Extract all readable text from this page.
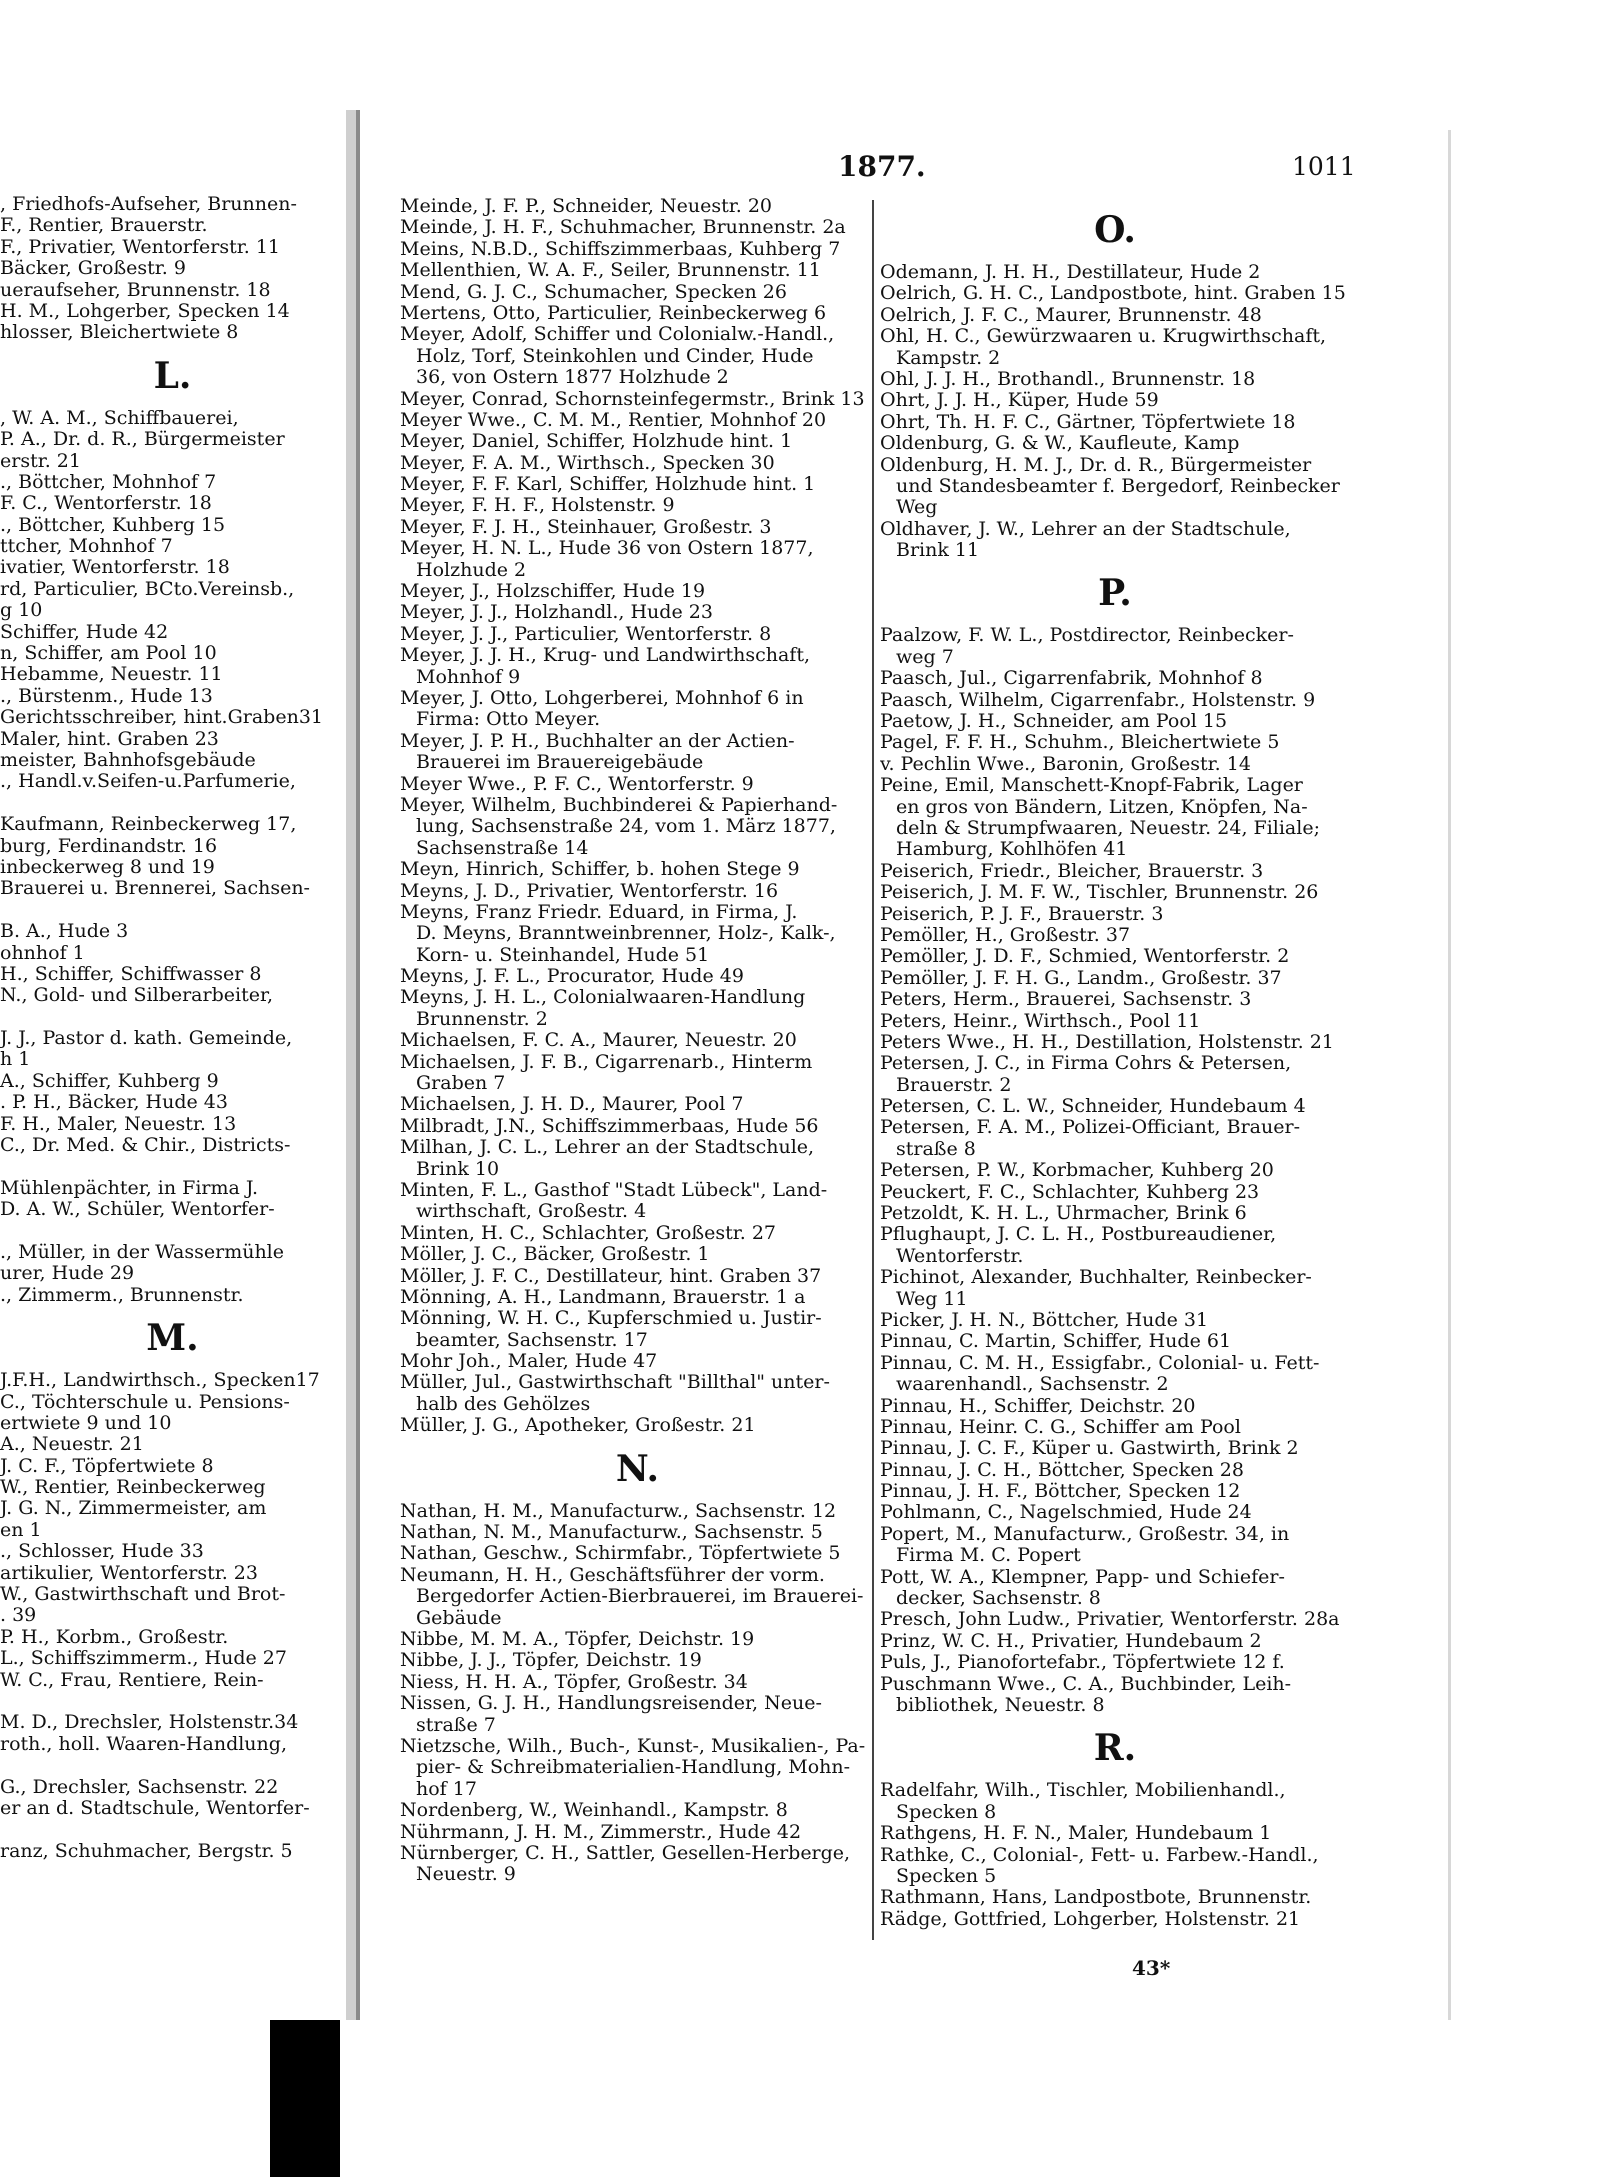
1877.	1011
, Friedhofs-Aufseher, Brunnen-
F., Rentier, Brauerstr.
F., Privatier, Wentorferstr. 11
Bäcker, Großestr. 9
ueraufseher, Brunnenstr. 18
H. M., Lohgerber, Specken 14
hlosser, Bleichertwiete 8
L.
, W. A. M., Schiffbauerei,
P. A., Dr. d. R., Bürgermeister
erstr. 21
., Böttcher, Mohnhof 7
F. C., Wentorferstr. 18
., Böttcher, Kuhberg 15
ttcher, Mohnhof 7
ivatier, Wentorferstr. 18
rd, Particulier, BCto.Vereinsb.,
g 10
Schiffer, Hude 42
n, Schiffer, am Pool 10
Hebamme, Neuestr. 11
., Bürstenm., Hude 13
Gerichtsschreiber, hint.Graben31
Maler, hint. Graben 23
meister, Bahnhofsgebäude
., Handl.v.Seifen-u.Parfumerie,
Kaufmann, Reinbeckerweg 17,
burg, Ferdinandstr. 16
inbeckerweg 8 und 19
Brauerei u. Brennerei, Sachsen-
B. A., Hude 3
ohnhof 1
H., Schiffer, Schiffwasser 8
N., Gold- und Silberarbeiter,
J. J., Pastor d. kath. Gemeinde,
h 1
A., Schiffer, Kuhberg 9
. P. H., Bäcker, Hude 43
F. H., Maler, Neuestr. 13
C., Dr. Med. & Chir., Districts-
Mühlenpächter, in Firma J.
D. A. W., Schüler, Wentorfer-
., Müller, in der Wassermühle
urer, Hude 29
., Zimmerm., Brunnenstr.
M.
J.F.H., Landwirthsch., Specken17
C., Töchterschule u. Pensions-
ertwiete 9 und 10
A., Neuestr. 21
J. C. F., Töpfertwiete 8
W., Rentier, Reinbeckerweg
J. G. N., Zimmermeister, am
en 1
., Schlosser, Hude 33
artikulier, Wentorferstr. 23
W., Gastwirthschaft und Brot-
. 39
P. H., Korbm., Großestr.
L., Schiffszimmerm., Hude 27
W. C., Frau, Rentiere, Rein-
M. D., Drechsler, Holstenstr.34
roth., holl. Waaren-Handlung,
G., Drechsler, Sachsenstr. 22
er an d. Stadtschule, Wentorfer-
ranz, Schuhmacher, Bergstr. 5
Meinde, J. F. P., Schneider, Neuestr. 20
Meinde, J. H. F., Schuhmacher, Brunnenstr. 2a
Meins, N.B.D., Schiffszimmerbaas, Kuhberg 7
Mellenthien, W. A. F., Seiler, Brunnenstr. 11
Mend, G. J. C., Schumacher, Specken 26
Mertens, Otto, Particulier, Reinbeckerweg 6
Meyer, Adolf, Schiffer und Colonialw.-Handl.,
Holz, Torf, Steinkohlen und Cinder, Hude
36, von Ostern 1877 Holzhude 2
Meyer, Conrad, Schornsteinfegermstr., Brink 13
Meyer Wwe., C. M. M., Rentier, Mohnhof 20
Meyer, Daniel, Schiffer, Holzhude hint. 1
Meyer, F. A. M., Wirthsch., Specken 30
Meyer, F. F. Karl, Schiffer, Holzhude hint. 1
Meyer, F. H. F., Holstenstr. 9
Meyer, F. J. H., Steinhauer, Großestr. 3
Meyer, H. N. L., Hude 36 von Ostern 1877,
Holzhude 2
Meyer, J., Holzschiffer, Hude 19
Meyer, J. J., Holzhandl., Hude 23
Meyer, J. J., Particulier, Wentorferstr. 8
Meyer, J. J. H., Krug- und Landwirthschaft,
Mohnhof 9
Meyer, J. Otto, Lohgerberei, Mohnhof 6 in
Firma: Otto Meyer.
Meyer, J. P. H., Buchhalter an der Actien-
Brauerei im Brauereigebäude
Meyer Wwe., P. F. C., Wentorferstr. 9
Meyer, Wilhelm, Buchbinderei & Papierhand-
lung, Sachsenstraße 24, vom 1. März 1877,
Sachsenstraße 14
Meyn, Hinrich, Schiffer, b. hohen Stege 9
Meyns, J. D., Privatier, Wentorferstr. 16
Meyns, Franz Friedr. Eduard, in Firma, J.
D. Meyns, Branntweinbrenner, Holz-, Kalk-,
Korn- u. Steinhandel, Hude 51
Meyns, J. F. L., Procurator, Hude 49
Meyns, J. H. L., Colonialwaaren-Handlung
Brunnenstr. 2
Michaelsen, F. C. A., Maurer, Neuestr. 20
Michaelsen, J. F. B., Cigarrenarb., Hinterm
Graben 7
Michaelsen, J. H. D., Maurer, Pool 7
Milbradt, J.N., Schiffszimmerbaas, Hude 56
Milhan, J. C. L., Lehrer an der Stadtschule,
Brink 10
Minten, F. L., Gasthof "Stadt Lübeck", Land-
wirthschaft, Großestr. 4
Minten, H. C., Schlachter, Großestr. 27
Möller, J. C., Bäcker, Großestr. 1
Möller, J. F. C., Destillateur, hint. Graben 37
Mönning, A. H., Landmann, Brauerstr. 1 a
Mönning, W. H. C., Kupferschmied u. Justir-
beamter, Sachsenstr. 17
Mohr Joh., Maler, Hude 47
Müller, Jul., Gastwirthschaft "Billthal" unter-
halb des Gehölzes
Müller, J. G., Apotheker, Großestr. 21
N.
Nathan, H. M., Manufacturw., Sachsenstr. 12
Nathan, N. M., Manufacturw., Sachsenstr. 5
Nathan, Geschw., Schirmfabr., Töpfertwiete 5
Neumann, H. H., Geschäftsführer der vorm.
Bergedorfer Actien-Bierbrauerei, im Brauerei-
Gebäude
Nibbe, M. M. A., Töpfer, Deichstr. 19
Nibbe, J. J., Töpfer, Deichstr. 19
Niess, H. H. A., Töpfer, Großestr. 34
Nissen, G. J. H., Handlungsreisender, Neue-
straße 7
Nietzsche, Wilh., Buch-, Kunst-, Musikalien-, Pa-
pier- & Schreibmaterialien-Handlung, Mohn-
hof 17
Nordenberg, W., Weinhandl., Kampstr. 8
Nührmann, J. H. M., Zimmerstr., Hude 42
Nürnberger, C. H., Sattler, Gesellen-Herberge,
Neuestr. 9
O.
Odemann, J. H. H., Destillateur, Hude 2
Oelrich, G. H. C., Landpostbote, hint. Graben 15
Oelrich, J. F. C., Maurer, Brunnenstr. 48
Ohl, H. C., Gewürzwaaren u. Krugwirthschaft,
Kampstr. 2
Ohl, J. J. H., Brothandl., Brunnenstr. 18
Ohrt, J. J. H., Küper, Hude 59
Ohrt, Th. H. F. C., Gärtner, Töpfertwiete 18
Oldenburg, G. & W., Kaufleute, Kamp
Oldenburg, H. M. J., Dr. d. R., Bürgermeister
und Standesbeamter f. Bergedorf, Reinbecker
Weg
Oldhaver, J. W., Lehrer an der Stadtschule,
Brink 11
P.
Paalzow, F. W. L., Postdirector, Reinbecker-
weg 7
Paasch, Jul., Cigarrenfabrik, Mohnhof 8
Paasch, Wilhelm, Cigarrenfabr., Holstenstr. 9
Paetow, J. H., Schneider, am Pool 15
Pagel, F. F. H., Schuhm., Bleichertwiete 5
v. Pechlin Wwe., Baronin, Großestr. 14
Peine, Emil, Manschett-Knopf-Fabrik, Lager
en gros von Bändern, Litzen, Knöpfen, Na-
deln & Strumpfwaaren, Neuestr. 24, Filiale;
Hamburg, Kohlhöfen 41
Peiserich, Friedr., Bleicher, Brauerstr. 3
Peiserich, J. M. F. W., Tischler, Brunnenstr. 26
Peiserich, P. J. F., Brauerstr. 3
Pemöller, H., Großestr. 37
Pemöller, J. D. F., Schmied, Wentorferstr. 2
Pemöller, J. F. H. G., Landm., Großestr. 37
Peters, Herm., Brauerei, Sachsenstr. 3
Peters, Heinr., Wirthsch., Pool 11
Peters Wwe., H. H., Destillation, Holstenstr. 21
Petersen, J. C., in Firma Cohrs & Petersen,
Brauerstr. 2
Petersen, C. L. W., Schneider, Hundebaum 4
Petersen, F. A. M., Polizei-Officiant, Brauer-
straße 8
Petersen, P. W., Korbmacher, Kuhberg 20
Peuckert, F. C., Schlachter, Kuhberg 23
Petzoldt, K. H. L., Uhrmacher, Brink 6
Pflughaupt, J. C. L. H., Postbureaudiener,
Wentorferstr.
Pichinot, Alexander, Buchhalter, Reinbecker-
Weg 11
Picker, J. H. N., Böttcher, Hude 31
Pinnau, C. Martin, Schiffer, Hude 61
Pinnau, C. M. H., Essigfabr., Colonial- u. Fett-
waarenhandl., Sachsenstr. 2
Pinnau, H., Schiffer, Deichstr. 20
Pinnau, Heinr. C. G., Schiffer am Pool
Pinnau, J. C. F., Küper u. Gastwirth, Brink 2
Pinnau, J. C. H., Böttcher, Specken 28
Pinnau, J. H. F., Böttcher, Specken 12
Pohlmann, C., Nagelschmied, Hude 24
Popert, M., Manufacturw., Großestr. 34, in
Firma M. C. Popert
Pott, W. A., Klempner, Papp- und Schiefer-
decker, Sachsenstr. 8
Presch, John Ludw., Privatier, Wentorferstr. 28a
Prinz, W. C. H., Privatier, Hundebaum 2
Puls, J., Pianofortefabr., Töpfertwiete 12 f.
Puschmann Wwe., C. A., Buchbinder, Leih-
bibliothek, Neuestr. 8
R.
Radelfahr, Wilh., Tischler, Mobilienhandl.,
Specken 8
Rathgens, H. F. N., Maler, Hundebaum 1
Rathke, C., Colonial-, Fett- u. Farbew.-Handl.,
Specken 5
Rathmann, Hans, Landpostbote, Brunnenstr.
Rädge, Gottfried, Lohgerber, Holstenstr. 21
43*
